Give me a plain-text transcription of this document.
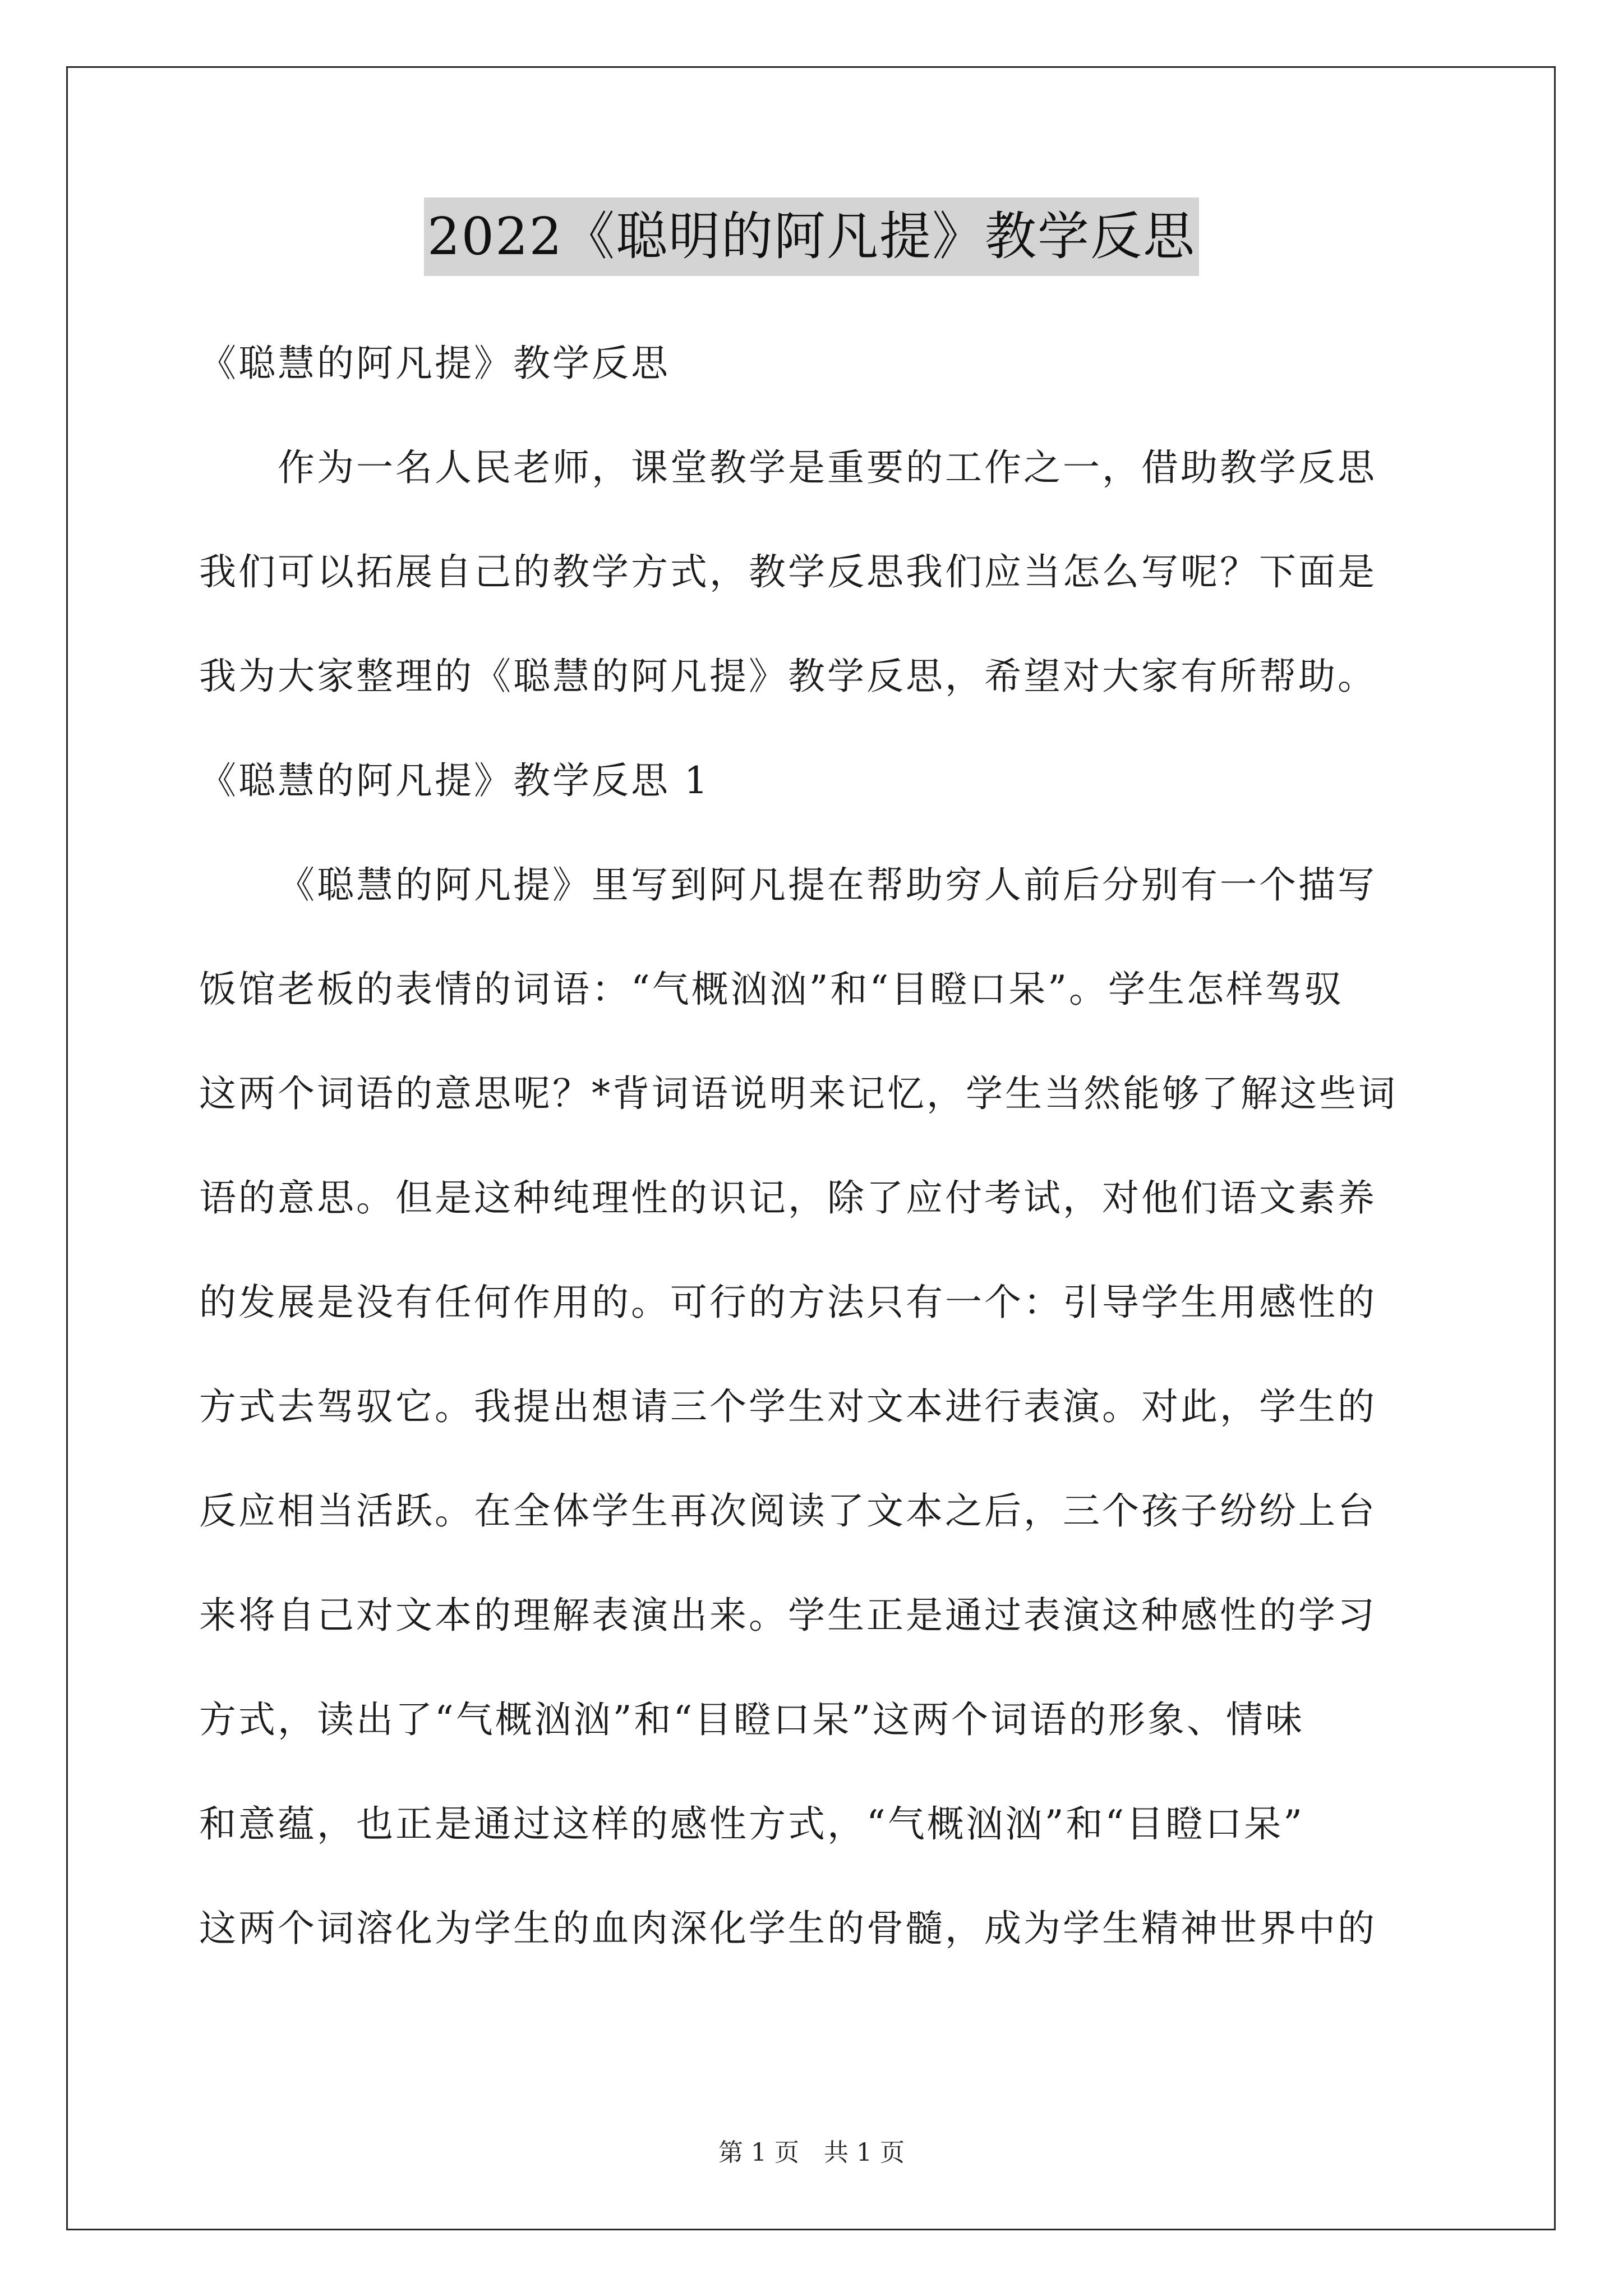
2022《聪明的阿凡提》教学反思
《聪慧的阿凡提》教学反思
作为一名人民老师，课堂教学是重要的工作之一，借助教学反思
我们可以拓展自己的教学方式，教学反思我们应当怎么写呢？下面是
我为大家整理的《聪慧的阿凡提》教学反思，希望对大家有所帮助。
《聪慧的阿凡提》教学反思 1
《聪慧的阿凡提》里写到阿凡提在帮助穷人前后分别有一个描写
饭馆老板的表情的词语：“气概汹汹”和“目瞪口呆”。学生怎样驾驭
这两个词语的意思呢？*背词语说明来记忆，学生当然能够了解这些词
语的意思。但是这种纯理性的识记，除了应付考试，对他们语文素养
的发展是没有任何作用的。可行的方法只有一个：引导学生用感性的
方式去驾驭它。我提出想请三个学生对文本进行表演。对此，学生的
反应相当活跃。在全体学生再次阅读了文本之后，三个孩子纷纷上台
来将自己对文本的理解表演出来。学生正是通过表演这种感性的学习
方式，读出了“气概汹汹”和“目瞪口呆”这两个词语的形象、情味
和意蕴，也正是通过这样的感性方式，“气概汹汹”和“目瞪口呆”
这两个词溶化为学生的血肉深化学生的骨髓，成为学生精神世界中的
第 1 页　共 1 页
